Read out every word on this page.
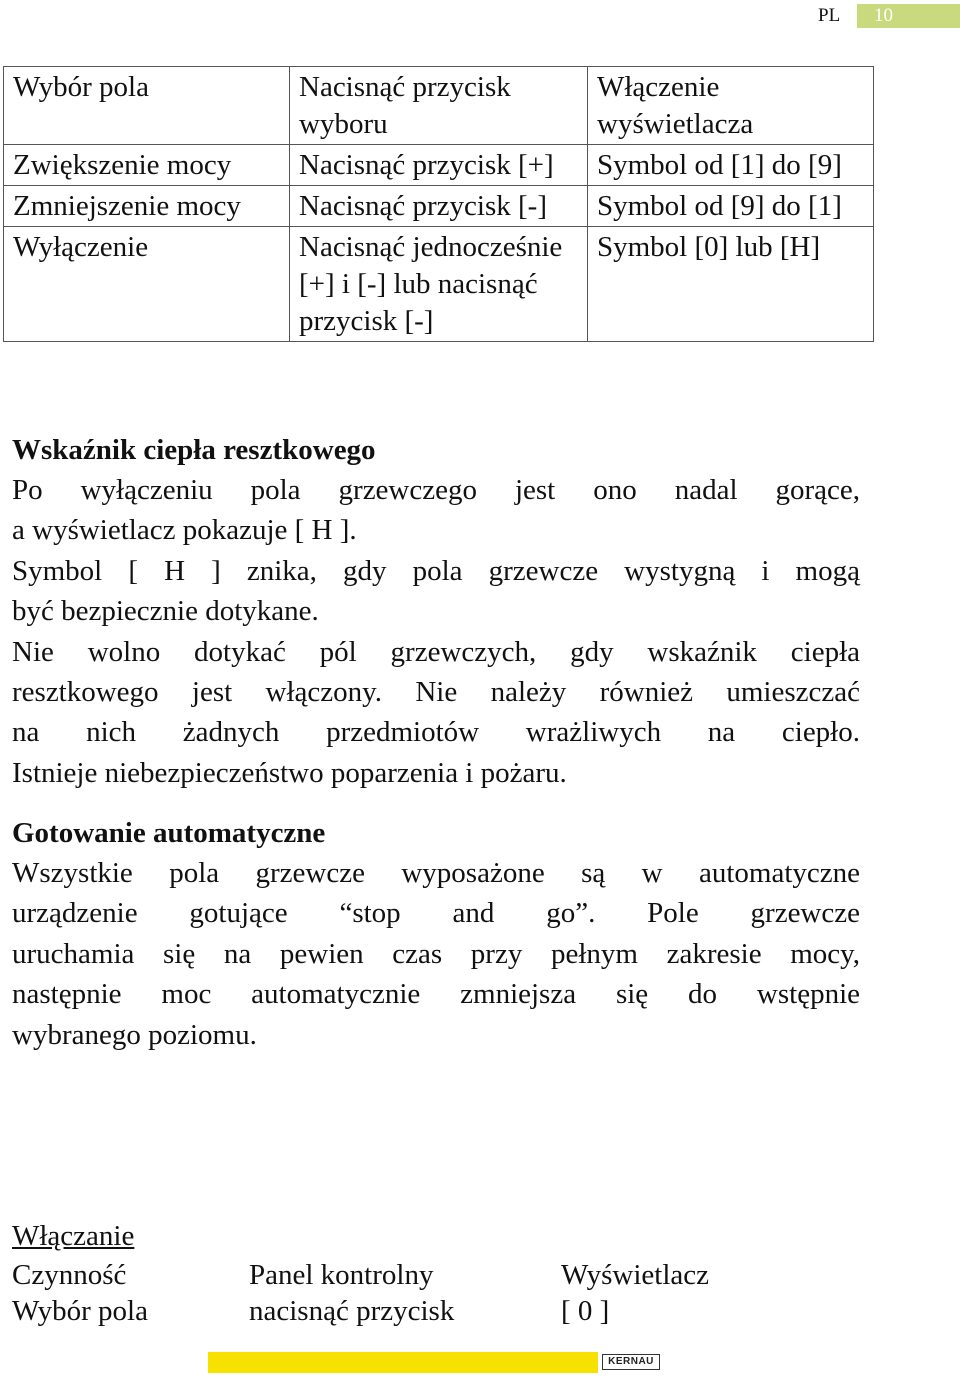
PL 10
Wybór pola	Nacisnąć przycisk wyboru	Włączenie wyświetlacza
Zwiększenie mocy	Nacisnąć przycisk [+]	Symbol od [1] do [9]
Zmniejszenie mocy	Nacisnąć przycisk [-]	Symbol od [9] do [1]
Wyłączenie	Nacisnąć jednocześnie [+] i [-] lub nacisnąć przycisk [-]	Symbol [0] lub [H]

Wskaźnik ciepła resztkowego

Po wyłączeniu pola grzewczego jest ono nadal gorące,
a wyświetlacz pokazuje [ H ].

Symbol [ H ] znika, gdy pola grzewcze wystygną i mogą
być bezpiecznie dotykane.

Nie wolno dotykać pól grzewczych, gdy wskaźnik ciepła
resztkowego jest włączony. Nie należy również umieszczać
na nich żadnych przedmiotów wrażliwych na ciepło.
Istnieje niebezpieczeństwo poparzenia i pożaru.

Gotowanie automatyczne

Wszystkie pola grzewcze wyposażone są w automatyczne
urządzenie gotujące “stop and go”. Pole grzewcze
uruchamia się na pewien czas przy pełnym zakresie mocy,
następnie moc automatycznie zmniejsza się do wstępnie
wybranego poziomu.

Włączanie
Czynność	Panel kontrolny	Wyświetlacz
Wybór pola	nacisnąć przycisk	[ 0 ]
KERNAU
